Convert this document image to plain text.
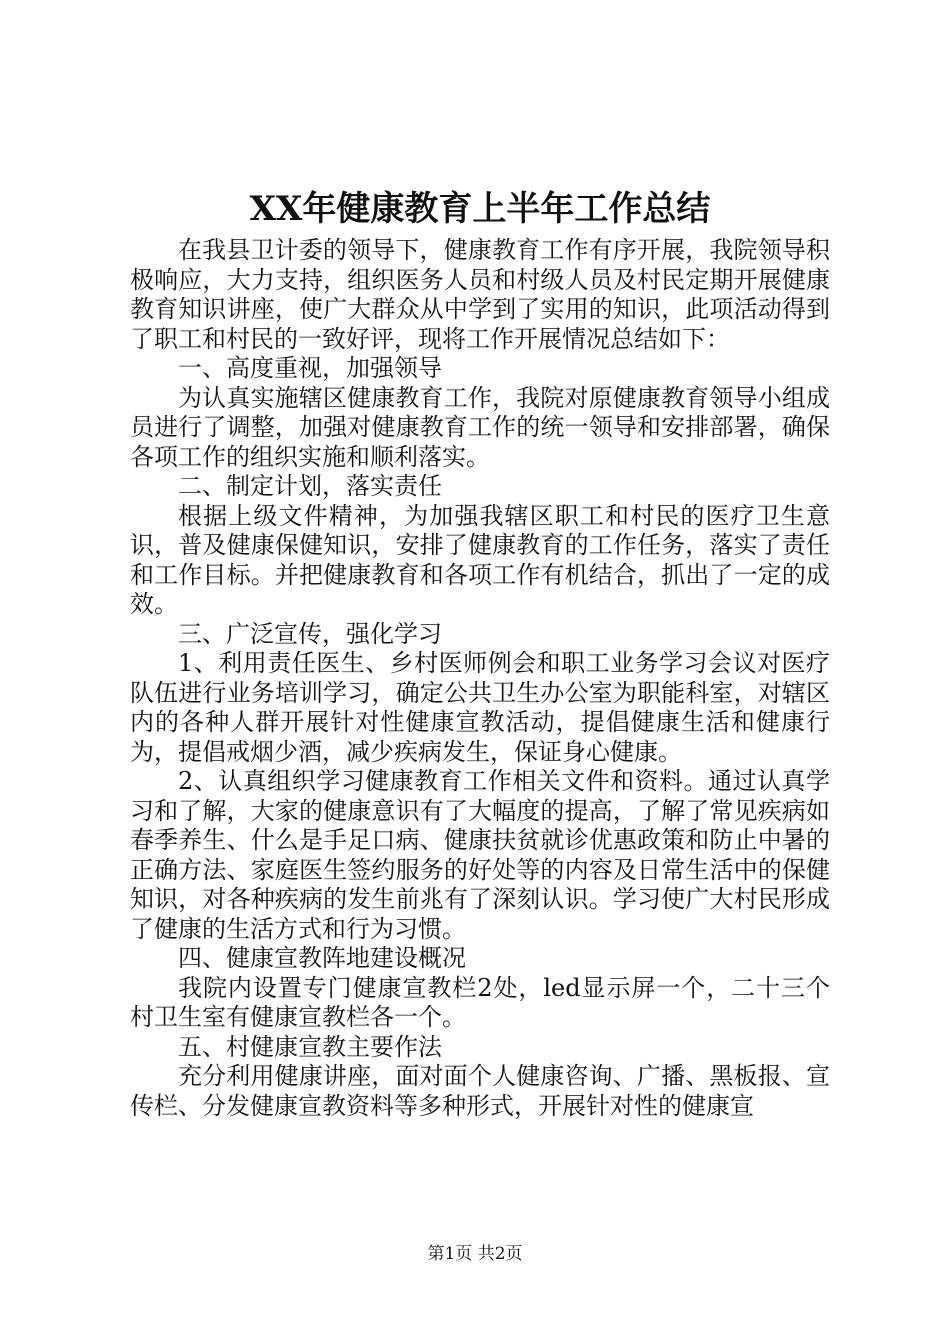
XX年健康教育上半年工作总结

在我县卫计委的领导下，健康教育工作有序开展，我院领导积极响应，大力支持，组织医务人员和村级人员及村民定期开展健康教育知识讲座，使广大群众从中学到了实用的知识，此项活动得到了职工和村民的一致好评，现将工作开展情况总结如下：

一、高度重视，加强领导

为认真实施辖区健康教育工作，我院对原健康教育领导小组成员进行了调整，加强对健康教育工作的统一领导和安排部署，确保各项工作的组织实施和顺利落实。

二、制定计划，落实责任

根据上级文件精神，为加强我辖区职工和村民的医疗卫生意识，普及健康保健知识，安排了健康教育的工作任务，落实了责任和工作目标。并把健康教育和各项工作有机结合，抓出了一定的成效。

三、广泛宣传，强化学习

1、利用责任医生、乡村医师例会和职工业务学习会议对医疗队伍进行业务培训学习，确定公共卫生办公室为职能科室，对辖区内的各种人群开展针对性健康宣教活动，提倡健康生活和健康行为，提倡戒烟少酒，减少疾病发生，保证身心健康。

2、认真组织学习健康教育工作相关文件和资料。通过认真学习和了解，大家的健康意识有了大幅度的提高，了解了常见疾病如春季养生、什么是手足口病、健康扶贫就诊优惠政策和防止中暑的正确方法、家庭医生签约服务的好处等的内容及日常生活中的保健知识，对各种疾病的发生前兆有了深刻认识。学习使广大村民形成了健康的生活方式和行为习惯。

四、健康宣教阵地建设概况

我院内设置专门健康宣教栏2处，led显示屏一个，二十三个村卫生室有健康宣教栏各一个。

五、村健康宣教主要作法

充分利用健康讲座，面对面个人健康咨询、广播、黑板报、宣传栏、分发健康宣教资料等多种形式，开展针对性的健康宣

第1页 共2页
